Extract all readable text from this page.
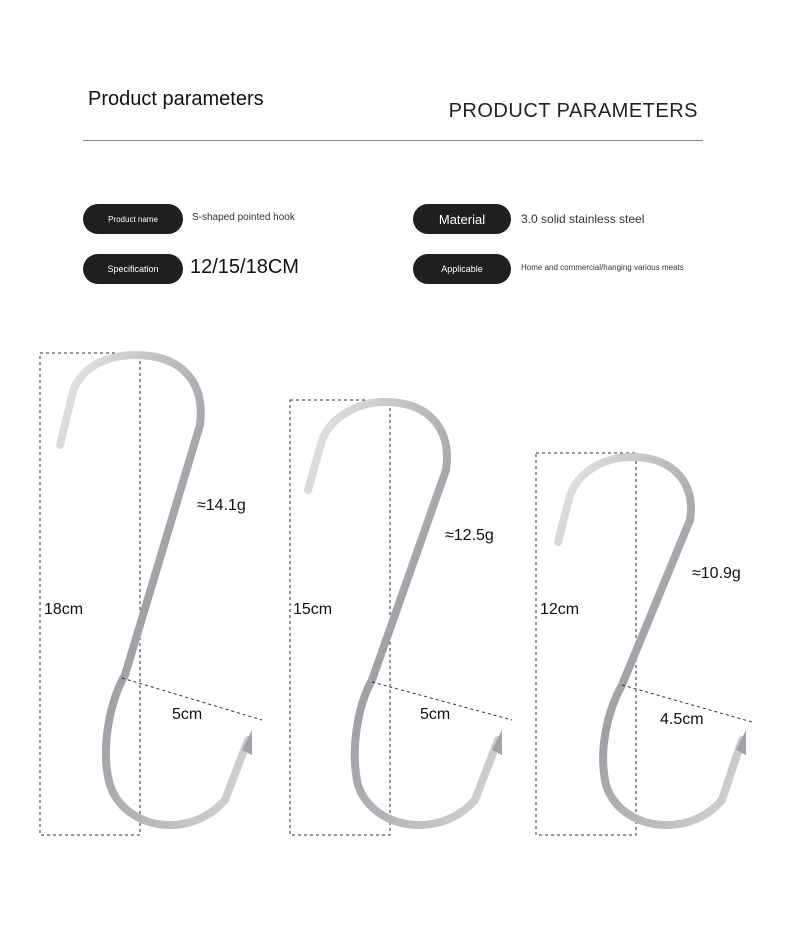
Product parameters
PRODUCT PARAMETERS
Product name	S-shaped pointed hook	Material	3.0 solid stainless steel
Specification	12/15/18CM	Applicable	Home and commercial/hanging various meats
18cm
5cm
≈14.1g
15cm
5cm
≈12.5g
12cm
4.5cm
≈10.9g
